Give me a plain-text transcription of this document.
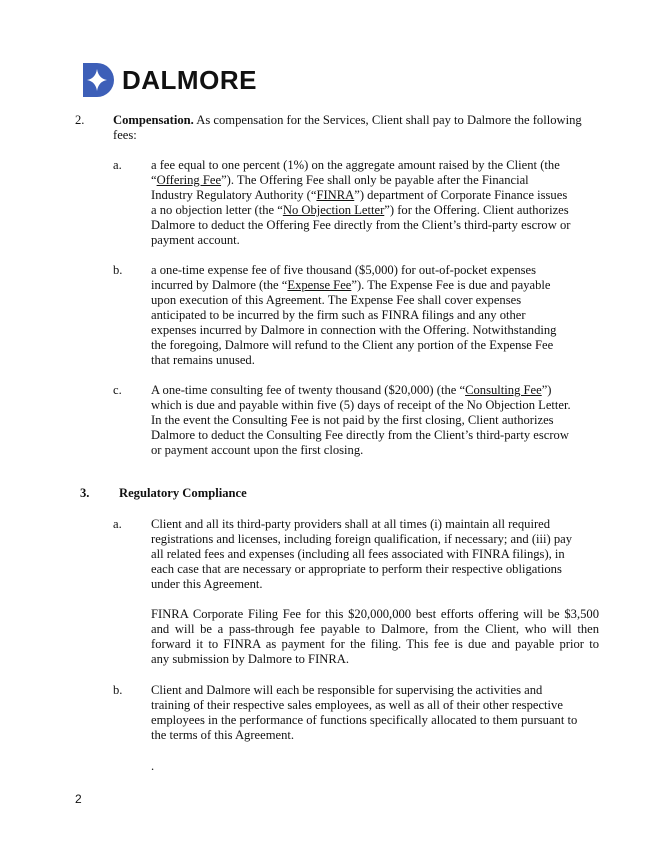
DALMORE
2. Compensation. As compensation for the Services, Client shall pay to Dalmore the following
fees:
a. a fee equal to one percent (1%) on the aggregate amount raised by the Client (the
“Offering Fee”). The Offering Fee shall only be payable after the Financial
Industry Regulatory Authority (“FINRA”) department of Corporate Finance issues
a no objection letter (the “No Objection Letter”) for the Offering. Client authorizes
Dalmore to deduct the Offering Fee directly from the Client’s third-party escrow or
payment account.
b. a one-time expense fee of five thousand ($5,000) for out-of-pocket expenses
incurred by Dalmore (the “Expense Fee”). The Expense Fee is due and payable
upon execution of this Agreement. The Expense Fee shall cover expenses
anticipated to be incurred by the firm such as FINRA filings and any other
expenses incurred by Dalmore in connection with the Offering. Notwithstanding
the foregoing, Dalmore will refund to the Client any portion of the Expense Fee
that remains unused.
c. A one-time consulting fee of twenty thousand ($20,000) (the “Consulting Fee”)
which is due and payable within five (5) days of receipt of the No Objection Letter.
In the event the Consulting Fee is not paid by the first closing, Client authorizes
Dalmore to deduct the Consulting Fee directly from the Client’s third-party escrow
or payment account upon the first closing.
3. Regulatory Compliance
a. Client and all its third-party providers shall at all times (i) maintain all required
registrations and licenses, including foreign qualification, if necessary; and (iii) pay
all related fees and expenses (including all fees associated with FINRA filings), in
each case that are necessary or appropriate to perform their respective obligations
under this Agreement.
FINRA Corporate Filing Fee for this $20,000,000 best efforts offering will be $3,500
and will be a pass-through fee payable to Dalmore, from the Client, who will then
forward it to FINRA as payment for the filing. This fee is due and payable prior to
any submission by Dalmore to FINRA.
b. Client and Dalmore will each be responsible for supervising the activities and
training of their respective sales employees, as well as all of their other respective
employees in the performance of functions specifically allocated to them pursuant to
the terms of this Agreement.
.
2
